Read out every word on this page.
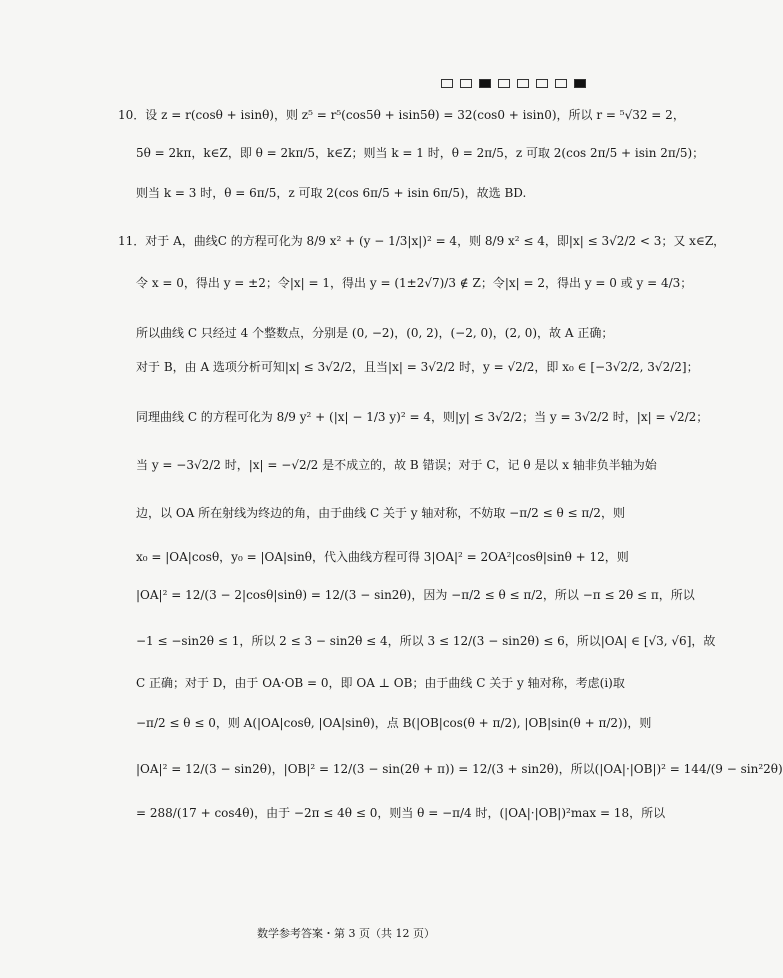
10．设 z = r(cosθ + isinθ)，则 z⁵ = r⁵(cos5θ + isin5θ) = 32(cos0 + isin0)，所以 r = ⁵√32 = 2，
5θ = 2kπ，k∈Z，即 θ = 2kπ/5，k∈Z；则当 k = 1 时，θ = 2π/5，z 可取 2(cos 2π/5 + isin 2π/5)；
则当 k = 3 时，θ = 6π/5，z 可取 2(cos 6π/5 + isin 6π/5)，故选 BD.
11．对于 A，曲线C 的方程可化为 8/9 x² + (y − 1/3|x|)² = 4，则 8/9 x² ≤ 4，即|x| ≤ 3√2/2 < 3；又 x∈Z，
令 x = 0，得出 y = ±2；令|x| = 1，得出 y = (1±2√7)/3 ∉ Z；令|x| = 2，得出 y = 0 或 y = 4/3；
所以曲线 C 只经过 4 个整数点，分别是 (0, −2)，(0, 2)，(−2, 0)，(2, 0)，故 A 正确；
对于 B，由 A 选项分析可知|x| ≤ 3√2/2，且当|x| = 3√2/2 时，y = √2/2，即 x₀ ∈ [−3√2/2, 3√2/2]；
同理曲线 C 的方程可化为 8/9 y² + (|x| − 1/3 y)² = 4，则|y| ≤ 3√2/2；当 y = 3√2/2 时，|x| = √2/2；
当 y = −3√2/2 时，|x| = −√2/2 是不成立的，故 B 错误；对于 C，记 θ 是以 x 轴非负半轴为始
边，以 OA 所在射线为终边的角，由于曲线 C 关于 y 轴对称，不妨取 −π/2 ≤ θ ≤ π/2，则
x₀ = |OA|cosθ，y₀ = |OA|sinθ，代入曲线方程可得 3|OA|² = 2OA²|cosθ|sinθ + 12，则
|OA|² = 12/(3 − 2|cosθ|sinθ) = 12/(3 − sin2θ)，因为 −π/2 ≤ θ ≤ π/2，所以 −π ≤ 2θ ≤ π，所以
−1 ≤ −sin2θ ≤ 1，所以 2 ≤ 3 − sin2θ ≤ 4，所以 3 ≤ 12/(3 − sin2θ) ≤ 6，所以|OA| ∈ [√3, √6]，故
C 正确；对于 D，由于 OA·OB = 0，即 OA ⊥ OB；由于曲线 C 关于 y 轴对称，考虑(i)取
−π/2 ≤ θ ≤ 0，则 A(|OA|cosθ, |OA|sinθ)，点 B(|OB|cos(θ + π/2), |OB|sin(θ + π/2))，则
|OA|² = 12/(3 − sin2θ)，|OB|² = 12/(3 − sin(2θ + π)) = 12/(3 + sin2θ)，所以(|OA|·|OB|)² = 144/(9 − sin²2θ)
= 288/(17 + cos4θ)，由于 −2π ≤ 4θ ≤ 0，则当 θ = −π/4 时，(|OA|·|OB|)²max = 18，所以
数学参考答案・第 3 页（共 12 页）
